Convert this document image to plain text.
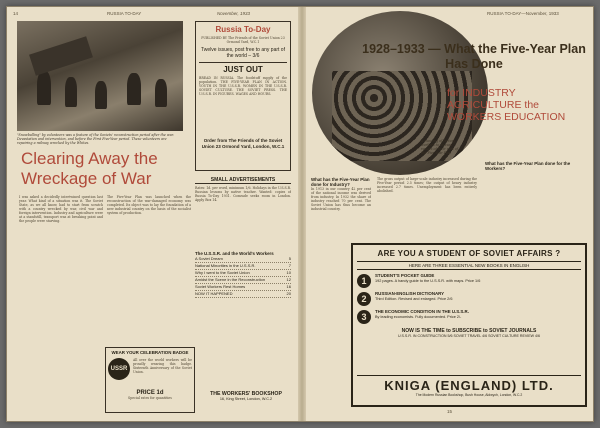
14	RUSSIA TO-DAY	November, 1933
"Snowballing" by volunteers was a feature of the Soviets' reconstruction period after the war. Devastation and intervention, and before the First Five-Year period. These volunteers are repairing a railway wrecked by the Whites.
Clearing Away the Wreckage of War
I was asked a decidedly intertwined question last year. What kind of a situation was it. The Soviet State, as we all know, had to start from scratch with a country wrecked by war, civil war and foreign intervention. Industry and agriculture were at a standstill, transport was at breaking point and the people were starving.
The Five-Year Plan was launched when the reconstruction of the war-damaged economy was completed. Its object was to lay the foundation of a new industrial country on the basis of the socialist system of production.
Russia To-Day
PUBLISHED BY The Friends of the Soviet Union 23 Ormond Yard, W.C.1
Twelve issues, post free to any part of the world – 3/6
JUST OUT
BREAD IN RUSSIA. The foodstuff supply of the population. THE FIVE-YEAR PLAN IN ACTION. YOUTH IN THE U.S.S.R. WOMEN IN THE U.S.S.R. SOVIET CULTURE. THE SOVIET PRESS. THE U.S.S.R. IN FIGURES. WAGES AND HOURS.
Order from The Friends of the Soviet Union 23 Ormond Yard, London, W.C.1
SMALL ADVERTISEMENTS
Rates: 1d. per word, minimum 1/6. Holidays in the U.S.S.R. Russian lessons by native teacher. Wanted: copies of Russia To-Day 1931. Comrade seeks room in London. Apply Box 14.
The U.S.S.R. and the World's Workers
A Soviet Dream	5
National Minorities in the U.S.S.R.	7
Why I went to the Soviet Union	10
Amidst the Scene in the Reconstruction	12
Soviet Workers Rest Homes	16
NOW IT HAPPENED	20
WEAR YOUR CELEBRATION BADGE
USSR
All over the world workers will be proudly wearing this badge. Sixteenth Anniversary of the Soviet Union.
PRICE 1d
Special rates for quantities
THE WORKERS' BOOKSHOP
16, King Street, London, W.C.2
RUSSIA TO-DAY—November, 1933
1928–1933 — What the Five-Year Plan Has Done
for INDUSTRY AGRICULTURE the WORKERS EDUCATION
A meeting of factory workers to discuss results of their part of the Five-Year Plan
What has the Five-Year Plan done for Industry?
In 1913 in our country 42 per cent of the national income was derived from industry. In 1932 the share of industry reached 70 per cent. The Soviet Union has thus become an industrial country.
The gross output of large-scale industry increased during the Five-Year period 2.5 times; the output of heavy industry increased 2.7 times. Unemployment has been entirely abolished.
What has the Five-Year Plan done for the Workers?
ARE YOU A STUDENT OF SOVIET AFFAIRS ?
HERE ARE THREE ESSENTIAL NEW BOOKS IN ENGLISH
1
STUDENT'S POCKET GUIDE
192 pages. A handy guide to the U.S.S.R. with maps. Price 1/6
2
RUSSIAN-ENGLISH DICTIONARY
Third Edition. Revised and enlarged. Price 2/6
3
THE ECONOMIC CONDITION IN THE U.S.S.R.
By leading economists. Fully documented. Price 2/-
NOW IS THE TIME to SUBSCRIBE to SOVIET JOURNALS
U.S.S.R. IN CONSTRUCTION 5/6 SOVIET TRAVEL 4/6 SOVIET CULTURE REVIEW 4/6
KNIGA (ENGLAND) LTD.
The Modern Russian Bookshop, Bush House, Aldwych, London, W.C.2
15
